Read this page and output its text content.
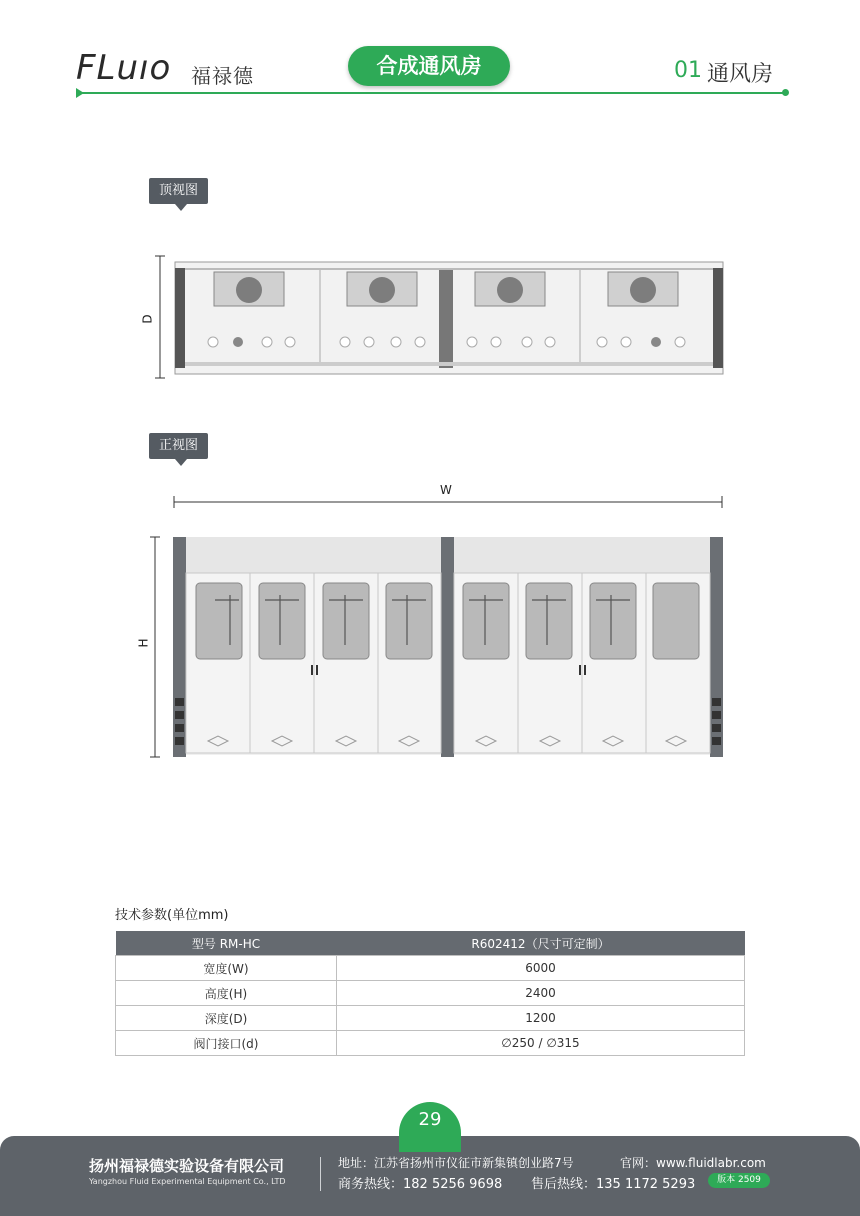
FLuıo 福禄德	合成通风房	01 通风房
顶视图
D
正视图
W
H
技术参数(单位mm)
型号 RM-HC	R602412（尺寸可定制）
宽度(W)	6000
高度(H)	2400
深度(D)	1200
阀门接口(d)	∅250 / ∅315
29
扬州福禄德实验设备有限公司
Yangzhou Fluid Experimental Equipment Co., LTD
地址：江苏省扬州市仪征市新集镇创业路7号	官网：www.fluidlabr.com
商务热线：182 5256 9698 售后热线：135 1172 5293	版本 2509
